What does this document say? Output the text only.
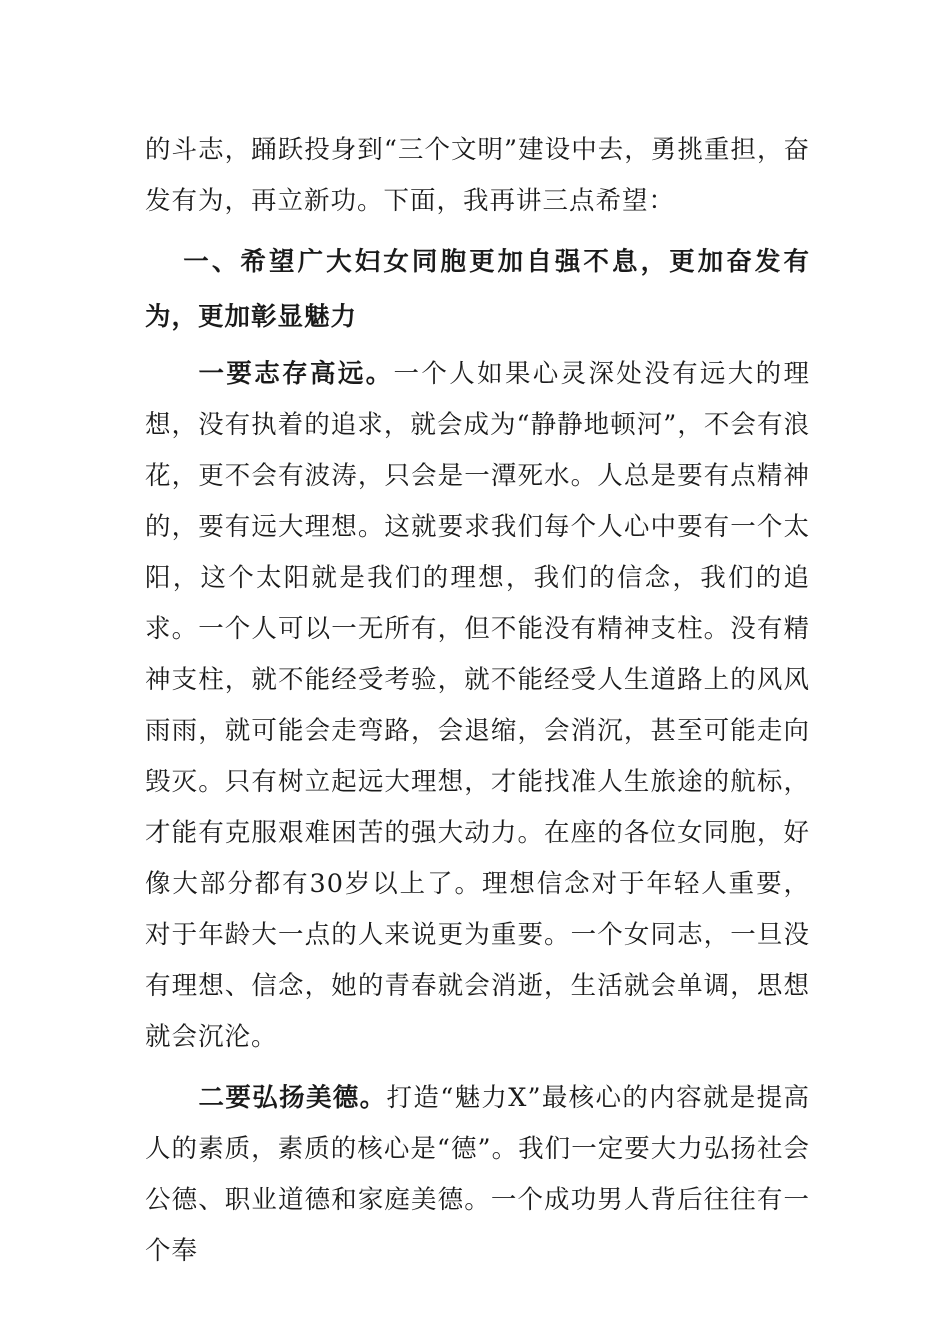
的斗志，踊跃投身到“三个文明”建设中去，勇挑重担，奋发有为，再立新功。下面，我再讲三点希望：

一、希望广大妇女同胞更加自强不息，更加奋发有为，更加彰显魅力

一要志存高远。一个人如果心灵深处没有远大的理想，没有执着的追求，就会成为“静静地顿河”，不会有浪花，更不会有波涛，只会是一潭死水。人总是要有点精神的，要有远大理想。这就要求我们每个人心中要有一个太阳，这个太阳就是我们的理想，我们的信念，我们的追求。一个人可以一无所有，但不能没有精神支柱。没有精神支柱，就不能经受考验，就不能经受人生道路上的风风雨雨，就可能会走弯路，会退缩，会消沉，甚至可能走向毁灭。只有树立起远大理想，才能找准人生旅途的航标，才能有克服艰难困苦的强大动力。在座的各位女同胞，好像大部分都有30岁以上了。理想信念对于年轻人重要，对于年龄大一点的人来说更为重要。一个女同志，一旦没有理想、信念，她的青春就会消逝，生活就会单调，思想就会沉沦。

二要弘扬美德。打造“魅力X”最核心的内容就是提高人的素质，素质的核心是“德”。我们一定要大力弘扬社会公德、职业道德和家庭美德。一个成功男人背后往往有一个奉
